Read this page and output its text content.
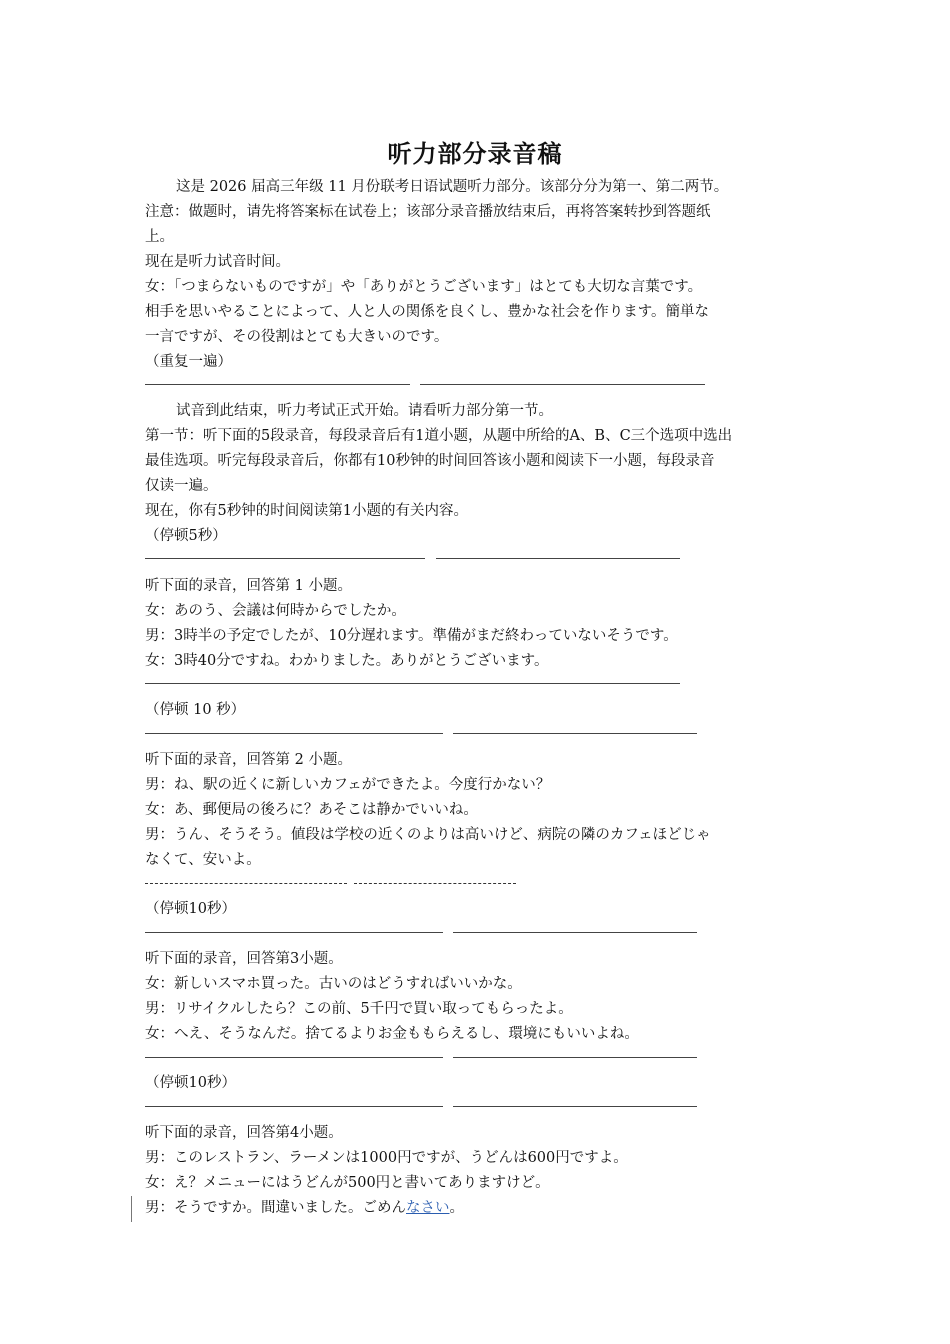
听力部分录音稿
这是 2026 届高三年级 11 月份联考日语试题听力部分。该部分分为第一、第二两节。
注意：做题时，请先将答案标在试卷上；该部分录音播放结束后，再将答案转抄到答题纸
上。
现在是听力试音时间。
女：「つまらないものですが」や「ありがとうございます」はとても大切な言葉です。
相手を思いやることによって、人と人の関係を良くし、豊かな社会を作ります。簡単な
一言ですが、その役割はとても大きいのです。
（重复一遍）
试音到此结束，听力考试正式开始。请看听力部分第一节。
第一节：听下面的5段录音，每段录音后有1道小题，从题中所给的A、B、C三个选项中选出
最佳选项。听完每段录音后，你都有10秒钟的时间回答该小题和阅读下一小题，每段录音
仅读一遍。
现在，你有5秒钟的时间阅读第1小题的有关内容。
（停顿5秒）
听下面的录音，回答第 1 小题。
女：あのう、会議は何時からでしたか。
男：3時半の予定でしたが、10分遅れます。準備がまだ終わっていないそうです。
女：3時40分ですね。わかりました。ありがとうございます。
（停顿 10 秒）
听下面的录音，回答第 2 小题。
男：ね、駅の近くに新しいカフェができたよ。今度行かない？
女：あ、郵便局の後ろに？あそこは静かでいいね。
男：うん、そうそう。値段は学校の近くのよりは高いけど、病院の隣のカフェほどじゃ
なくて、安いよ。
（停顿10秒）
听下面的录音，回答第3小题。
女：新しいスマホ買った。古いのはどうすればいいかな。
男：リサイクルしたら？この前、5千円で買い取ってもらったよ。
女：へえ、そうなんだ。捨てるよりお金ももらえるし、環境にもいいよね。
（停顿10秒）
听下面的录音，回答第4小题。
男：このレストラン、ラーメンは1000円ですが、うどんは600円ですよ。
女：え？メニューにはうどんが500円と書いてありますけど。
男：そうですか。間違いました。ごめんなさい。
